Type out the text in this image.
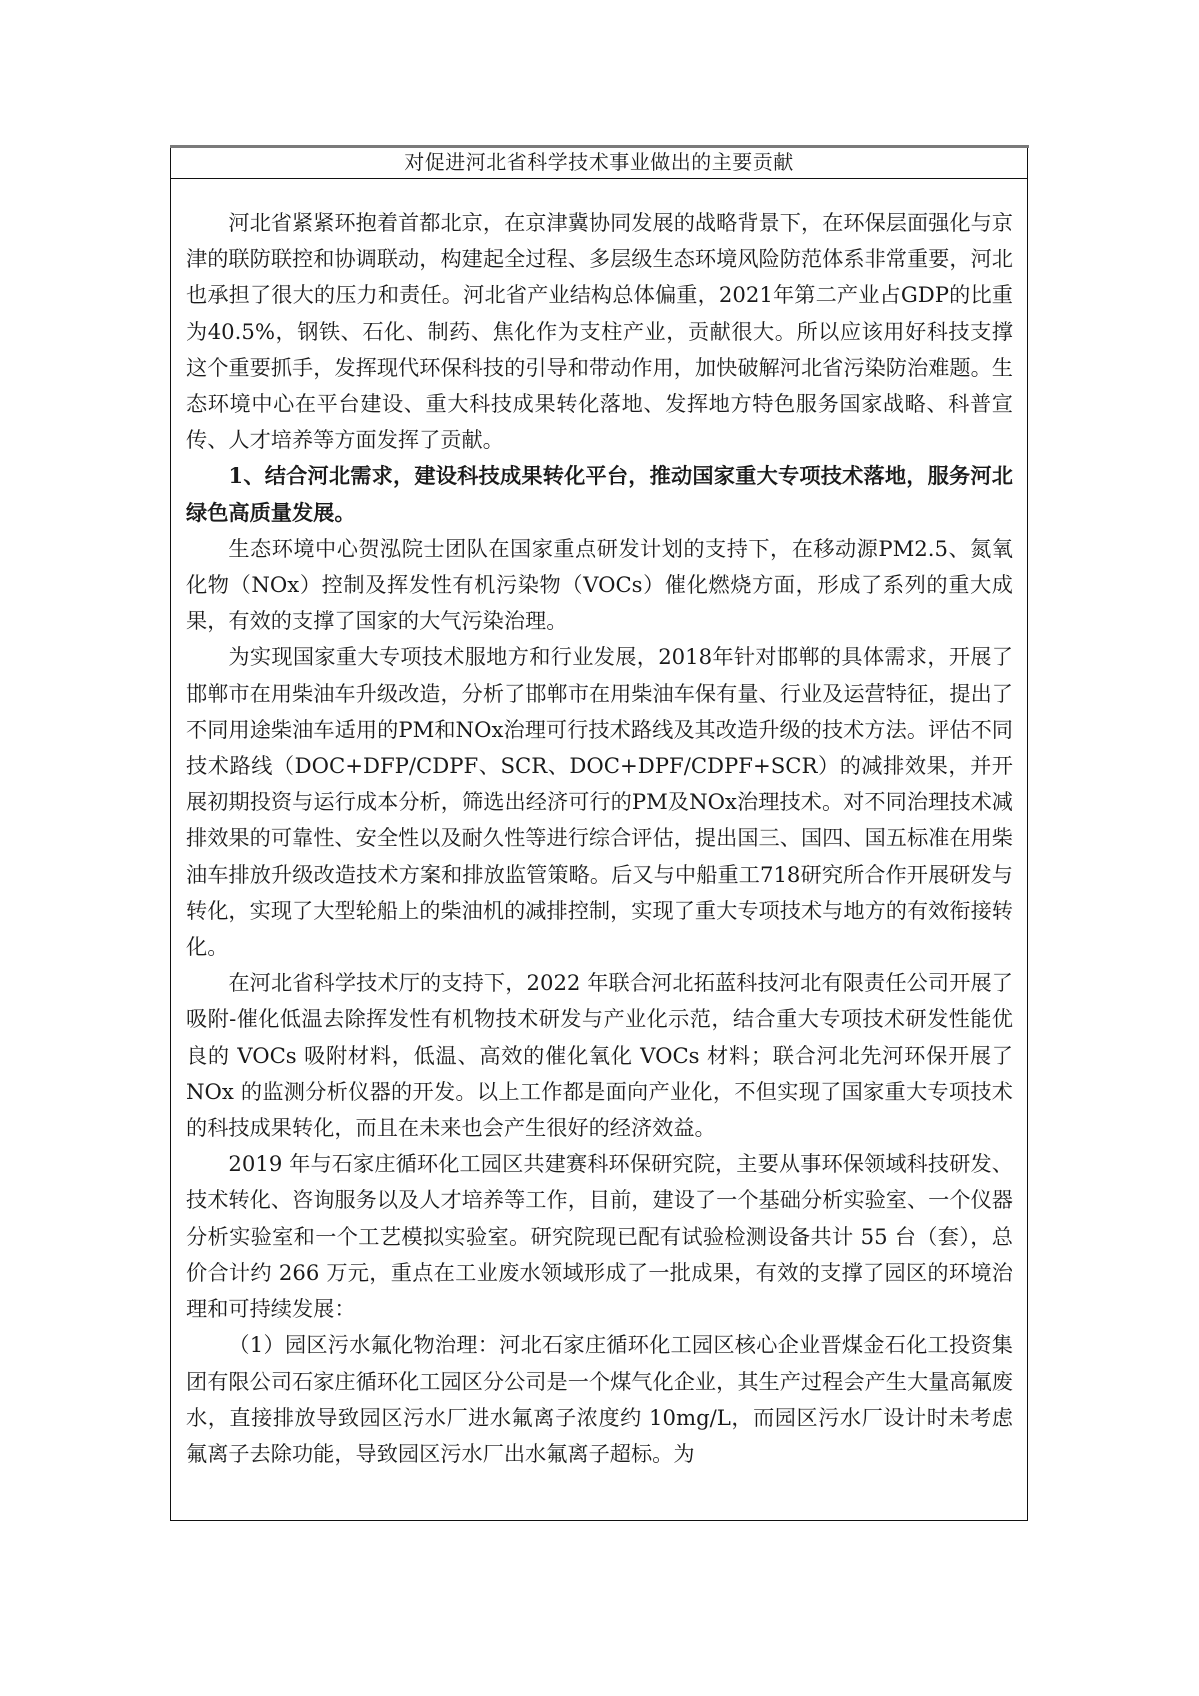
对促进河北省科学技术事业做出的主要贡献

河北省紧紧环抱着首都北京，在京津冀协同发展的战略背景下，在环保层面强化与京津的联防联控和协调联动，构建起全过程、多层级生态环境风险防范体系非常重要，河北也承担了很大的压力和责任。河北省产业结构总体偏重，2021年第二产业占GDP的比重为40.5%，钢铁、石化、制药、焦化作为支柱产业，贡献很大。所以应该用好科技支撑这个重要抓手，发挥现代环保科技的引导和带动作用，加快破解河北省污染防治难题。生态环境中心在平台建设、重大科技成果转化落地、发挥地方特色服务国家战略、科普宣传、人才培养等方面发挥了贡献。

1、结合河北需求，建设科技成果转化平台，推动国家重大专项技术落地，服务河北绿色高质量发展。

生态环境中心贺泓院士团队在国家重点研发计划的支持下，在移动源PM2.5、氮氧化物（NOx）控制及挥发性有机污染物（VOCs）催化燃烧方面，形成了系列的重大成果，有效的支撑了国家的大气污染治理。

为实现国家重大专项技术服地方和行业发展，2018年针对邯郸的具体需求，开展了邯郸市在用柴油车升级改造，分析了邯郸市在用柴油车保有量、行业及运营特征，提出了不同用途柴油车适用的PM和NOx治理可行技术路线及其改造升级的技术方法。评估不同技术路线（DOC+DFP/CDPF、SCR、DOC+DPF/CDPF+SCR）的减排效果，并开展初期投资与运行成本分析，筛选出经济可行的PM及NOx治理技术。对不同治理技术减排效果的可靠性、安全性以及耐久性等进行综合评估，提出国三、国四、国五标准在用柴油车排放升级改造技术方案和排放监管策略。后又与中船重工718研究所合作开展研发与转化，实现了大型轮船上的柴油机的减排控制，实现了重大专项技术与地方的有效衔接转化。

在河北省科学技术厅的支持下，2022 年联合河北拓蓝科技河北有限责任公司开展了吸附-催化低温去除挥发性有机物技术研发与产业化示范，结合重大专项技术研发性能优良的 VOCs 吸附材料，低温、高效的催化氧化 VOCs 材料；联合河北先河环保开展了 NOx 的监测分析仪器的开发。以上工作都是面向产业化，不但实现了国家重大专项技术的科技成果转化，而且在未来也会产生很好的经济效益。

2019 年与石家庄循环化工园区共建赛科环保研究院，主要从事环保领域科技研发、技术转化、咨询服务以及人才培养等工作，目前，建设了一个基础分析实验室、一个仪器分析实验室和一个工艺模拟实验室。研究院现已配有试验检测设备共计 55 台（套），总价合计约 266 万元，重点在工业废水领域形成了一批成果，有效的支撑了园区的环境治理和可持续发展：

（1）园区污水氟化物治理：河北石家庄循环化工园区核心企业晋煤金石化工投资集团有限公司石家庄循环化工园区分公司是一个煤气化企业，其生产过程会产生大量高氟废水，直接排放导致园区污水厂进水氟离子浓度约 10mg/L，而园区污水厂设计时未考虑氟离子去除功能，导致园区污水厂出水氟离子超标。为
